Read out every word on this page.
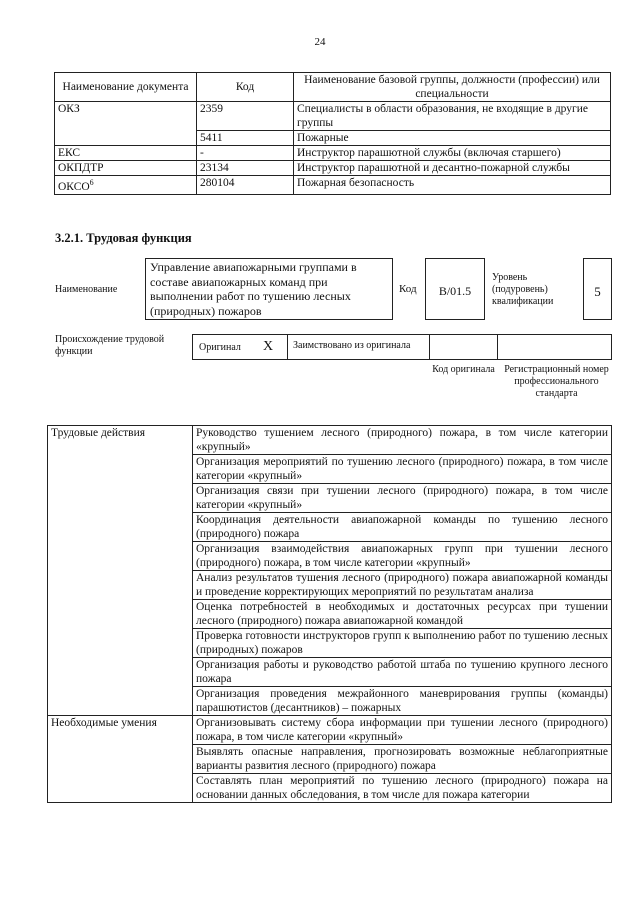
24
Наименование документа	Код	Наименование базовой группы, должности (профессии) или специальности
ОКЗ	2359	Специалисты в области образования, не входящие в другие группы
	5411	Пожарные
ЕКС	-	Инструктор парашютной службы (включая старшего)
ОКПДТР	23134	Инструктор парашютной и десантно-пожарной службы
ОКСО$^6$	280104	Пожарная безопасность
3.2.1. Трудовая функция
Наименование
Управление авиапожарными группами в составе авиапожарных команд при выполнении работ по тушению лесных (природных) пожаров
Код	В/01.5
Уровень (подуровень) квалификации
5
Происхождение трудовой функции	Оригинал X	Заимствовано из оригинала
Код оригинала Регистрационный номер профессионального стандарта
Трудовые действия	Руководство тушением лесного (природного) пожара, в том числе категории «крупный»
	Организация мероприятий по тушению лесного (природного) пожара, в том числе категории «крупный»
	Организация связи при тушении лесного (природного) пожара, в том числе категории «крупный»
	Координация деятельности авиапожарной команды по тушению лесного (природного) пожара
	Организация взаимодействия авиапожарных групп при тушении лесного (природного) пожара, в том числе категории «крупный»
	Анализ результатов тушения лесного (природного) пожара авиапожарной команды и проведение корректирующих мероприятий по результатам анализа
	Оценка потребностей в необходимых и достаточных ресурсах при тушении лесного (природного) пожара авиапожарной командой
	Проверка готовности инструкторов групп к выполнению работ по тушению лесных (природных) пожаров
	Организация работы и руководство работой штаба по тушению крупного лесного пожара
	Организация проведения межрайонного маневрирования группы (команды) парашютистов (десантников) – пожарных
Необходимые умения	Организовывать систему сбора информации при тушении лесного (природного) пожара, в том числе категории «крупный»
	Выявлять опасные направления, прогнозировать возможные неблагоприятные варианты развития лесного (природного) пожара
	Составлять план мероприятий по тушению лесного (природного) пожара на основании данных обследования, в том числе для пожара категории
